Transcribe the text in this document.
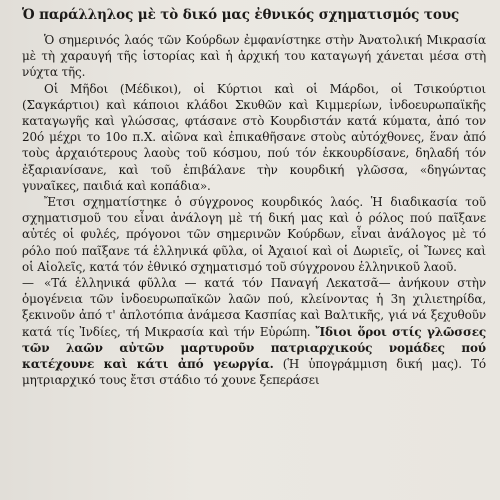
Ὁ παράλληλος μὲ τὸ δικό μας ἐθνικός σχηματισμός τους

Ὁ σημερινός λαός τῶν Κούρδων ἐμφανίστηκε στὴν Ἀνατολική Μικρασία μὲ τὴ χαραυγή τῆς ἱστορίας καὶ ἡ ἀρχική του καταγωγή χάνεται μέσα στὴ νύχτα τῆς.

Οἱ Μῆδοι (Μέδικοι), οἱ Κύρτιοι καὶ οἱ Μάρδοι, οἱ Τσικούρτιοι (Σαγκάρτιοι) καὶ κάποιοι κλάδοι Σκυθῶν καὶ Κιμμερίων, ἰνδοευρωπαϊκῆς καταγωγῆς καὶ γλώσσας, φτάσανε στὸ Κουρδιστάν κατά κύματα, ἀπό τον 20ό μέχρι το 10ο π.Χ. αἰῶνα καὶ ἐπικαθῆσανε στοὺς αὐτόχθονες, ἕναν ἀπό τοὺς ἀρχαιότερους λαοὺς τοῦ κόσμου, πού τόν ἐκκουρδίσανε, δηλαδή τόν ἐξαριανίσανε, καὶ τοῦ ἐπιβάλανε τὴν κουρδική γλῶσσα, «δηγώντας γυναῖκες, παιδιά καὶ κοπάδια».

Ἔτσι σχηματίστηκε ὁ σύγχρονος κουρδικός λαός. Ἡ διαδικασία τοῦ σχηματισμοῦ του εἶναι ἀνάλογη μὲ τή δική μας καὶ ὁ ρόλος πού παῖξανε αὐτές οἱ φυλές, πρόγονοι τῶν σημερινῶν Κούρδων, εἶναι ἀνάλογος μὲ τό ρόλο πού παῖξανε τά ἑλληνικά φῦλα, οἱ Ἀχαιοί καὶ οἱ Δωριεῖς, οἱ Ἴωνες καὶ οἱ Αἰολεῖς, κατά τόν ἐθνικό σχηματισμό τοῦ σύγχρονου ἑλληνικοῦ λαοῦ.

— «Τά ἑλληνικά φῦλλα — κατά τόν Παναγή Λεκατσᾶ— ἀνήκουν στὴν ὁμογένεια τῶν ἰνδοευρωπαϊκῶν λαῶν πού, κλείνοντας ἡ 3η χιλιετηρίδα, ξεκινοῦν ἀπό τ' ἀπλοτόπια ἀνάμεσα Κασπίας καὶ Βαλτικῆς, γιά νά ξεχυθοῦν κατά τίς Ἰνδίες, τή Μικρασία καὶ τήν Εὐρώπη. Ἴδιοι ὅροι στίς γλῶσσες τῶν λαῶν αὐτῶν μαρτυροῦν πατριαρχικούς νομάδες πού κατέχουνε καὶ κάτι ἀπό γεωργία. (Ἡ ὑπογράμμιση δική μας). Τό μητριαρχικό τους ἔτσι στάδιο τό χουνε ξεπεράσει
